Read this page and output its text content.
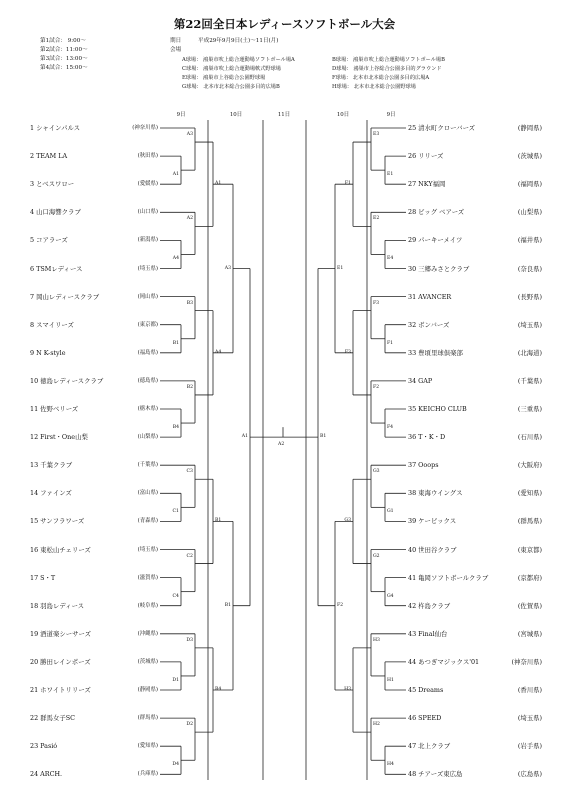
第22回全日本レディースソフトボール大会
第1試合： 9:00～
第2試合：11:00～
第3試合：13:00～
第4試合：15:00～
期日	平成29年9月9日(土)～11日(月)
会場
A球場： 鴻巣市吹上総合運動場ソフトボール場A	B球場： 鴻巣市吹上総合運動場ソフトボール場B
C球場： 鴻巣市吹上総合運動場軟式野球場	D球場： 鴻巣市上谷総合公園多目的グラウンド
E球場： 鴻巣市上谷総合公園野球場	F球場： 北本市北本総合公園多目的広場A
G球場： 北本市北本総合公園多目的広場B	H球場： 北本市北本総合公園野球場
9日	10日	11日	10日	9日
1 シャインパルス	(神奈川県)
2 TEAM LA	(秋田県)
3 とべスワロー	(愛媛県)
4 山口海響クラブ	(山口県)
5 コアラーズ	(新潟県)
6 TSMレディース	(埼玉県)
7 岡山レディースクラブ	(岡山県)
8 スマイリーズ	(東京都)
9 N K-style	(福島県)
10 徳島レディースクラブ	(徳島県)
11 佐野ベリーズ	(栃木県)
12 First・One山梨	(山梨県)
13 千葉クラブ	(千葉県)
14 ファインズ	(富山県)
15 サンフラワーズ	(青森県)
16 東松山チェリーズ	(埼玉県)
17 S・T	(滋賀県)
18 羽島レディース	(岐阜県)
19 酒道楽シーサーズ	(沖縄県)
20 勝田レインボーズ	(茨城県)
21 ホワイトリリーズ	(静岡県)
22 群馬女子SC	(群馬県)
23 Pasió	(愛知県)
24 ARCH.	(兵庫県)
25 清水町クローバーズ	(静岡県)
26 リリーズ	(茨城県)
27 NKY福岡	(福岡県)
28 ビッグ ベアーズ	(山梨県)
29 パーキーメイツ	(福井県)
30 三郷みさとクラブ	(奈良県)
31 AVANCER	(長野県)
32 ボンバーズ	(埼玉県)
33 豊頃里球倶楽部	(北海道)
34 GAP	(千葉県)
35 KEICHO CLUB	(三重県)
36 T・K・D	(石川県)
37 Ooops	(大阪府)
38 東海ウイングス	(愛知県)
39 ケーピックス	(群馬県)
40 世田谷クラブ	(東京都)
41 亀岡ソフトボールクラブ	(京都府)
42 杵島クラブ	(佐賀県)
43 Final仙台	(宮城県)
44 あつぎマジックス'01	(神奈川県)
45 Dreams	(香川県)
46 SPEED	(埼玉県)
47 北上クラブ	(岩手県)
48 チアーズ東広島	(広島県)
A3
A1
A2
A4
B3
B1
B2
B4
C3
C1
C2
C4
D3
D1
D2
D4
A1
A4
B1
B4
A3
B1
A1
E3
E1
E2
E4
F3
F1
F2
F4
G3
G1
G2
G4
H3
H1
H2
H4
F1
F3
G3
H3
E1
F2
B1
A2
